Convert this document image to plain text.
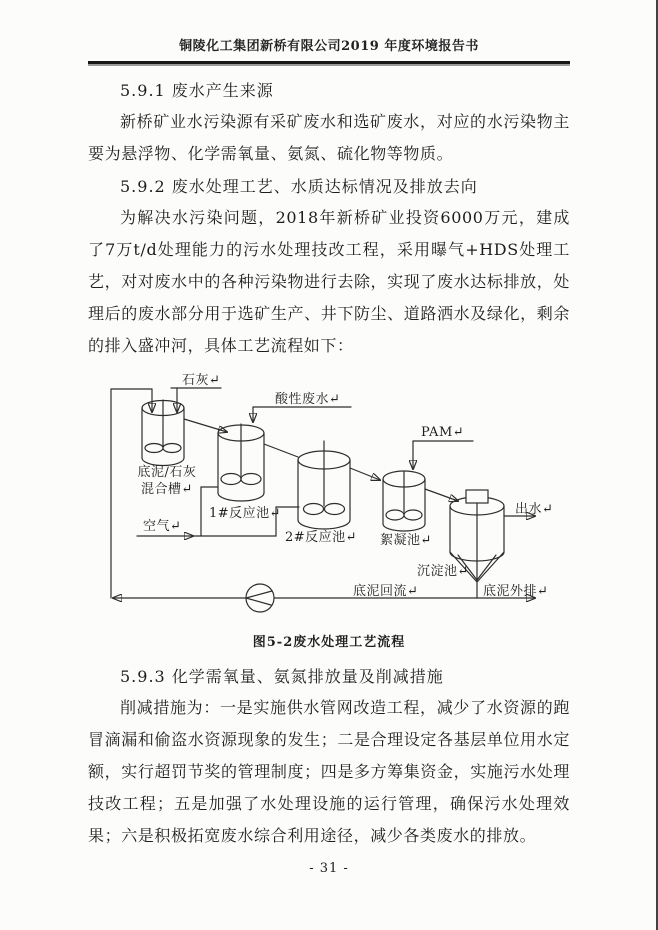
铜陵化工集团新桥有限公司2019 年度环境报告书
5.9.1 废水产生来源

新桥矿业水污染源有采矿废水和选矿废水，对应的水污染物主要为悬浮物、化学需氧量、氨氮、硫化物等物质。

5.9.2 废水处理工艺、水质达标情况及排放去向

为解决水污染问题，2018年新桥矿业投资6000万元，建成了7万t/d处理能力的污水处理技改工程，采用曝气+HDS处理工艺，对对废水中的各种污染物进行去除，实现了废水达标排放，处理后的废水部分用于选矿生产、井下防尘、道路洒水及绿化，剩余的排入盛冲河，具体工艺流程如下：

石灰↵
底泥/石灰
混合槽↵
酸性废水↵
1#反应池↵
2#反应池↵
空气↵
絮凝池↵
PAM↵
沉淀池↵
出水↵
底泥回流↵	底泥外排↵
图5-2废水处理工艺流程
5.9.3 化学需氧量、氨氮排放量及削减措施

削减措施为：一是实施供水管网改造工程，减少了水资源的跑冒滴漏和偷盗水资源现象的发生；二是合理设定各基层单位用水定额，实行超罚节奖的管理制度；四是多方筹集资金，实施污水处理技改工程；五是加强了水处理设施的运行管理，确保污水处理效果；六是积极拓宽废水综合利用途径，减少各类废水的排放。

- 31 -
